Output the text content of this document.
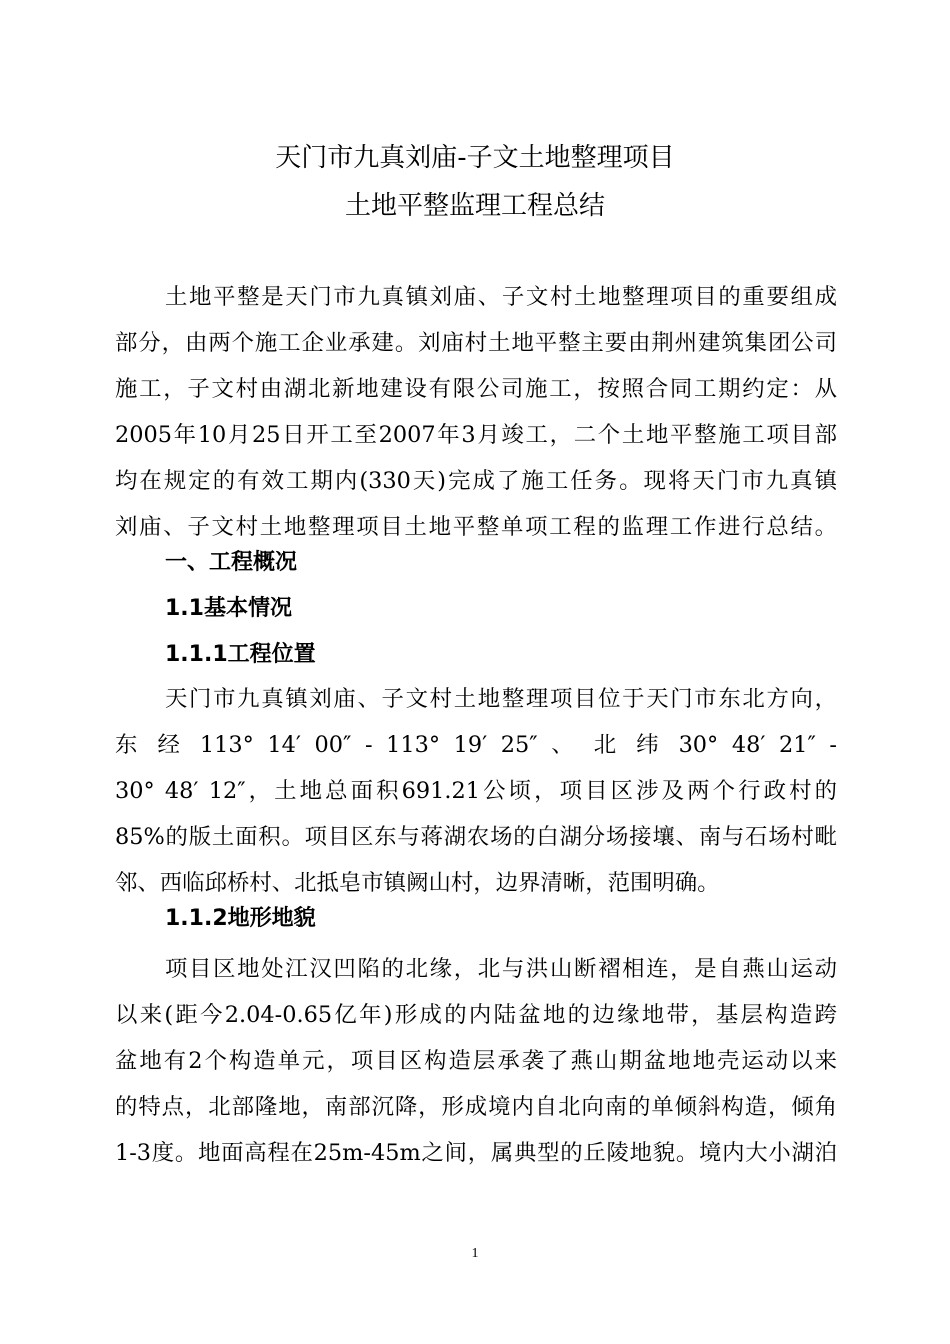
天门市九真刘庙-子文土地整理项目
土地平整监理工程总结
土地平整是天门市九真镇刘庙、子文村土地整理项目的重要组成
部分，由两个施工企业承建。刘庙村土地平整主要由荆州建筑集团公司
施工，子文村由湖北新地建设有限公司施工，按照合同工期约定：从
2005年10月25日开工至2007年3月竣工，二个土地平整施工项目部
均在规定的有效工期内(330天)完成了施工任务。现将天门市九真镇
刘庙、子文村土地整理项目土地平整单项工程的监理工作进行总结。
一、工程概况
1.1基本情况
1.1.1工程位置
天门市九真镇刘庙、子文村土地整理项目位于天门市东北方向，
东 经 113° 14′ 00″ - 113° 19′ 25″ 、 北 纬 30° 48′ 21″ -
30° 48′ 12″，土地总面积691.21公顷，项目区涉及两个行政村的
85%的版土面积。项目区东与蒋湖农场的白湖分场接壤、南与石场村毗
邻、西临邱桥村、北抵皂市镇阙山村，边界清晰，范围明确。
1.1.2地形地貌
项目区地处江汉凹陷的北缘，北与洪山断褶相连，是自燕山运动
以来(距今2.04-0.65亿年)形成的内陆盆地的边缘地带，基层构造跨
盆地有2个构造单元，项目区构造层承袭了燕山期盆地地壳运动以来
的特点，北部隆地，南部沉降，形成境内自北向南的单倾斜构造，倾角
1-3度。地面高程在25m-45m之间，属典型的丘陵地貌。境内大小湖泊
1
